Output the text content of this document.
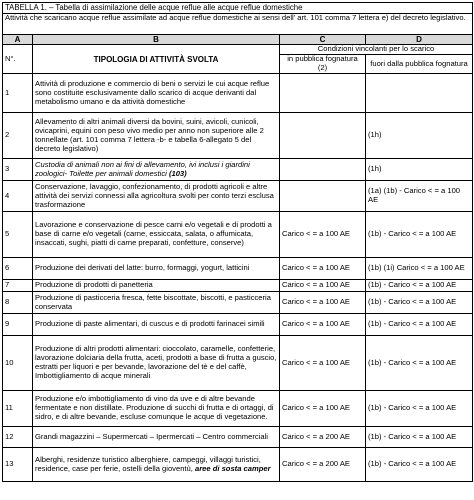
TABELLA 1. – Tabella di assimilazione delle acque reflue alle acque reflue domestiche			
Attività che scaricano acque reflue assimilate ad acque reflue domestiche ai sensi dell' art. 101 comma 7 lettera e) del decreto legislativo.			
A	B	C	D
N°.	TIPOLOGIA DI ATTIVITÀ SVOLTA	Condizioni vincolanti per lo scarico	
		in pubblica fognatura (2)	fuori dalla pubblica fognatura
1	Attività di produzione e commercio di beni o servizi le cui acque reflue sono costituite esclusivamente dallo scarico di acque derivanti dal metabolismo umano e da attività domestiche		
2	Allevamento di altri animali diversi da bovini, suini, avicoli, cunicoli, ovicaprini, equini con peso vivo medio per anno non superiore alle 2 tonnellate (art. 101 comma 7 lettera -b- e tabella 6-allegato 5 del decreto legislativo)		(1h)
3	Custodia di animali non ai fini di allevamento, ivi inclusi i giardini zoologici- Toilette per animali domestici (103)		(1h)
4	Conservazione, lavaggio, confezionamento, di prodotti agricoli e altre attività dei servizi connessi alla agricoltura svolti per conto terzi esclusa trasformazione		(1a) (1b) - Carico < = a 100 AE
5	Lavorazione e conservazione di pesce carni e/o vegetali e di prodotti a base di carne e/o vegetali (carne, essiccata, salata, o affumicata, insaccati, sughi, piatti di carne preparati, confetture, conserve)	Carico < = a 100 AE	(1b) - Carico < = a 100 AE
6	Produzione dei derivati del latte: burro, formaggi, yogurt, latticini	Carico < = a 100 AE	(1b) (1i) Carico < = a 100 AE
7	Produzione di prodotti di panetteria	Carico < = a 100 AE	(1b) - Carico < = a 100 AE
8	Produzione di pasticceria fresca, fette biscottate, biscotti, e pasticceria conservata	Carico < = a 100 AE	(1b) - Carico < = a 100 AE
9	Produzione di paste alimentari, di cuscus e di prodotti farinacei simili	Carico < = a 100 AE	(1b) - Carico < = a 100 AE
10	Produzione di altri prodotti alimentari: cioccolato, caramelle, confetterie, lavorazione dolciaria della frutta, aceti, prodotti a base di frutta a guscio, estratti per liquori e per bevande, lavorazione del tè e del caffè, Imbottigliamento di acque minerali	Carico < = a 100 AE	(1b) - Carico < = a 100 AE
11	Produzione e/o imbottigliamento di vino da uve e di altre bevande fermentate e non distillate. Produzione di succhi di frutta e di ortaggi, di sidro, e di altre bevande, escluse comunque le acque di vegetazione.	Carico < = a 100 AE	(1b) - Carico < = a 100 AE
12	Grandi magazzini – Supermercati – Ipermercati – Centro commerciali	Carico < = a 200 AE	(1b) - Carico < = a 100 AE
13	Alberghi, residenze turistico alberghiere, campeggi, villaggi turistici, residence, case per ferie, ostelli della gioventù, aree di sosta camper	Carico < = a 200 AE	(1b) - Carico < = a 100 AE
